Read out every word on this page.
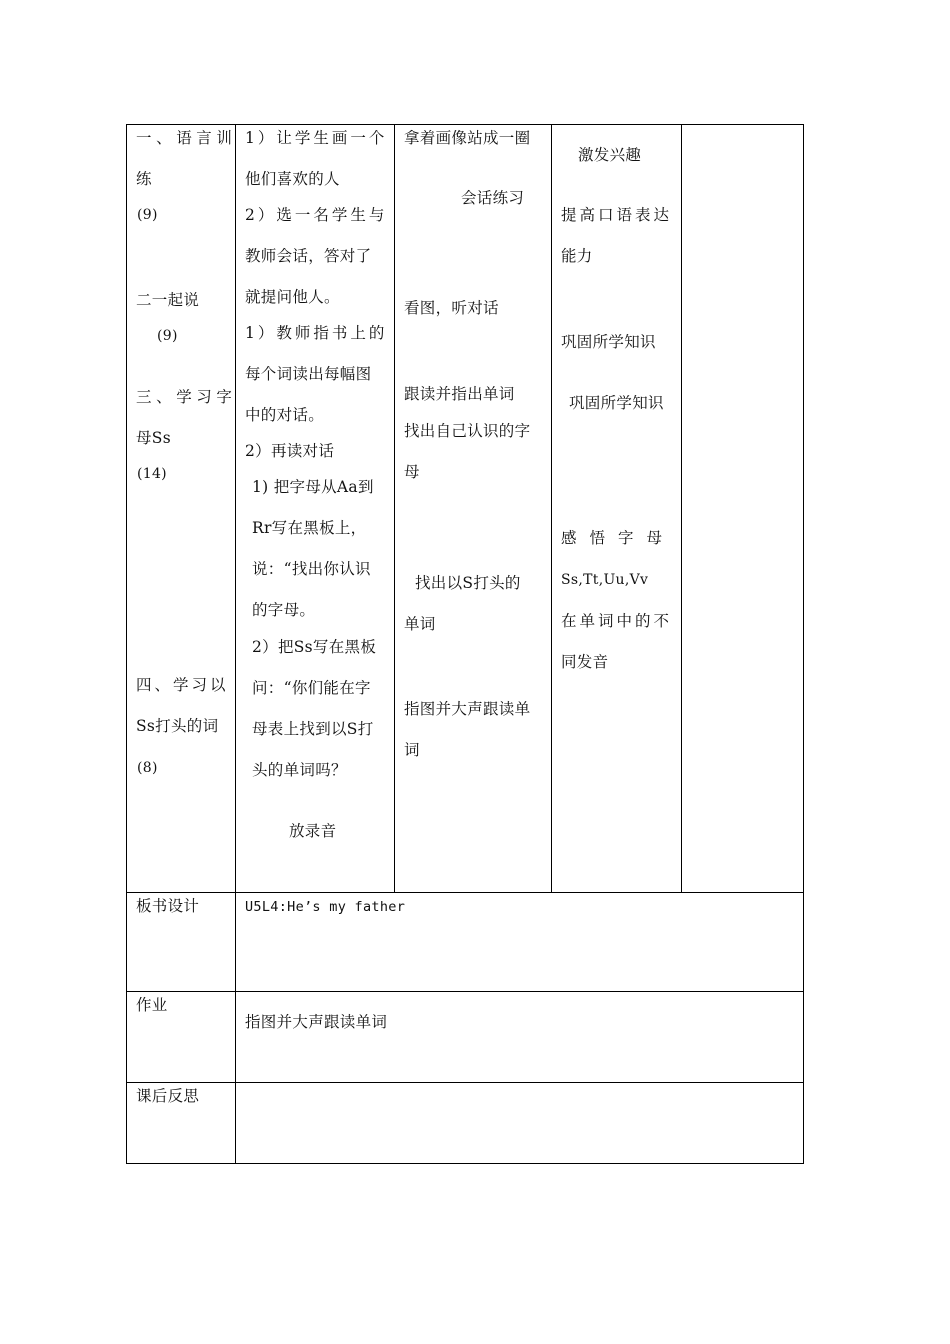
一、语言训
练
(9)
二一起说
(9)
三、学习字
母Ss
(14)
四、学习以
Ss打头的词
(8)
1）让学生画一个
他们喜欢的人
2）选一名学生与
教师会话，答对了
就提问他人。
1）教师指书上的
每个词读出每幅图
中的对话。
2）再读对话
1) 把字母从Aa到
Rr写在黑板上，
说：“找出你认识
的字母。
2）把Ss写在黑板
问：“你们能在字
母表上找到以S打
头的单词吗？
放录音
拿着画像站成一圈
会话练习
看图，听对话
跟读并指出单词
找出自己认识的字
母
找出以S打头的
单词
指图并大声跟读单
词
激发兴趣
提高口语表达
能力
巩固所学知识
巩固所学知识
感悟字母
Ss,Tt,Uu,Vv
在单词中的不
同发音
板书设计	U5L4:He’s my father
作业
指图并大声跟读单词
课后反思
